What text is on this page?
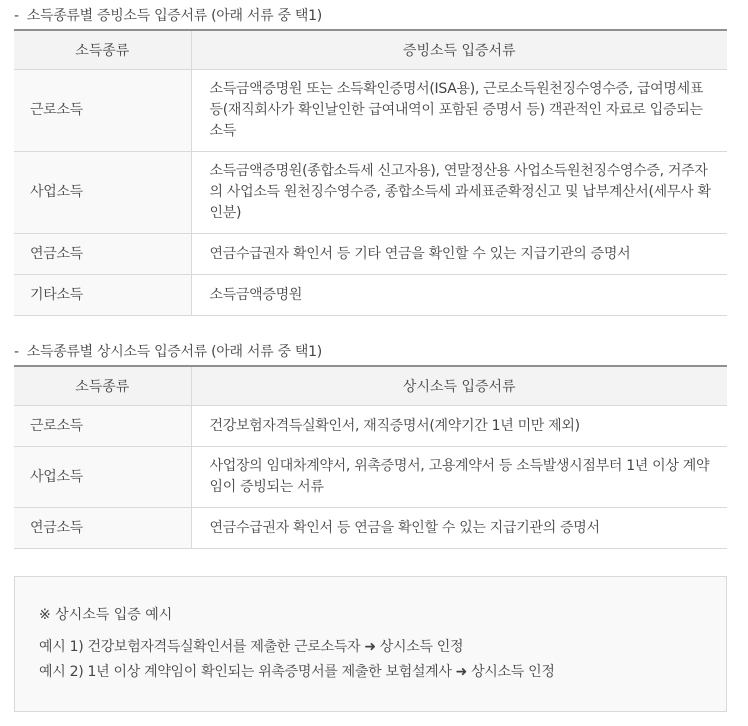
- 소득종류별 증빙소득 입증서류 (아래 서류 중 택1)
소득종류	증빙소득 입증서류
근로소득	소득금액증명원 또는 소득확인증명서(ISA용), 근로소득원천징수영수증, 급여명세표등(재직회사가 확인날인한 급여내역이 포함된 증명서 등) 객관적인 자료로 입증되는 소득
사업소득	소득금액증명원(종합소득세 신고자용), 연말정산용 사업소득원천징수영수증, 거주자의 사업소득 원천징수영수증, 종합소득세 과세표준확정신고 및 납부계산서(세무사 확인분)
연금소득	연금수급권자 확인서 등 기타 연금을 확인할 수 있는 지급기관의 증명서
기타소득	소득금액증명원
- 소득종류별 상시소득 입증서류 (아래 서류 중 택1)
소득종류	상시소득 입증서류
근로소득	건강보험자격득실확인서, 재직증명서(계약기간 1년 미만 제외)
사업소득	사업장의 임대차계약서, 위촉증명서, 고용계약서 등 소득발생시점부터 1년 이상 계약임이 증빙되는 서류
연금소득	연금수급권자 확인서 등 연금을 확인할 수 있는 지급기관의 증명서
※ 상시소득 입증 예시
예시 1) 건강보험자격득실확인서를 제출한 근로소득자 ➜ 상시소득 인정
예시 2) 1년 이상 계약임이 확인되는 위촉증명서를 제출한 보험설계사 ➜ 상시소득 인정
